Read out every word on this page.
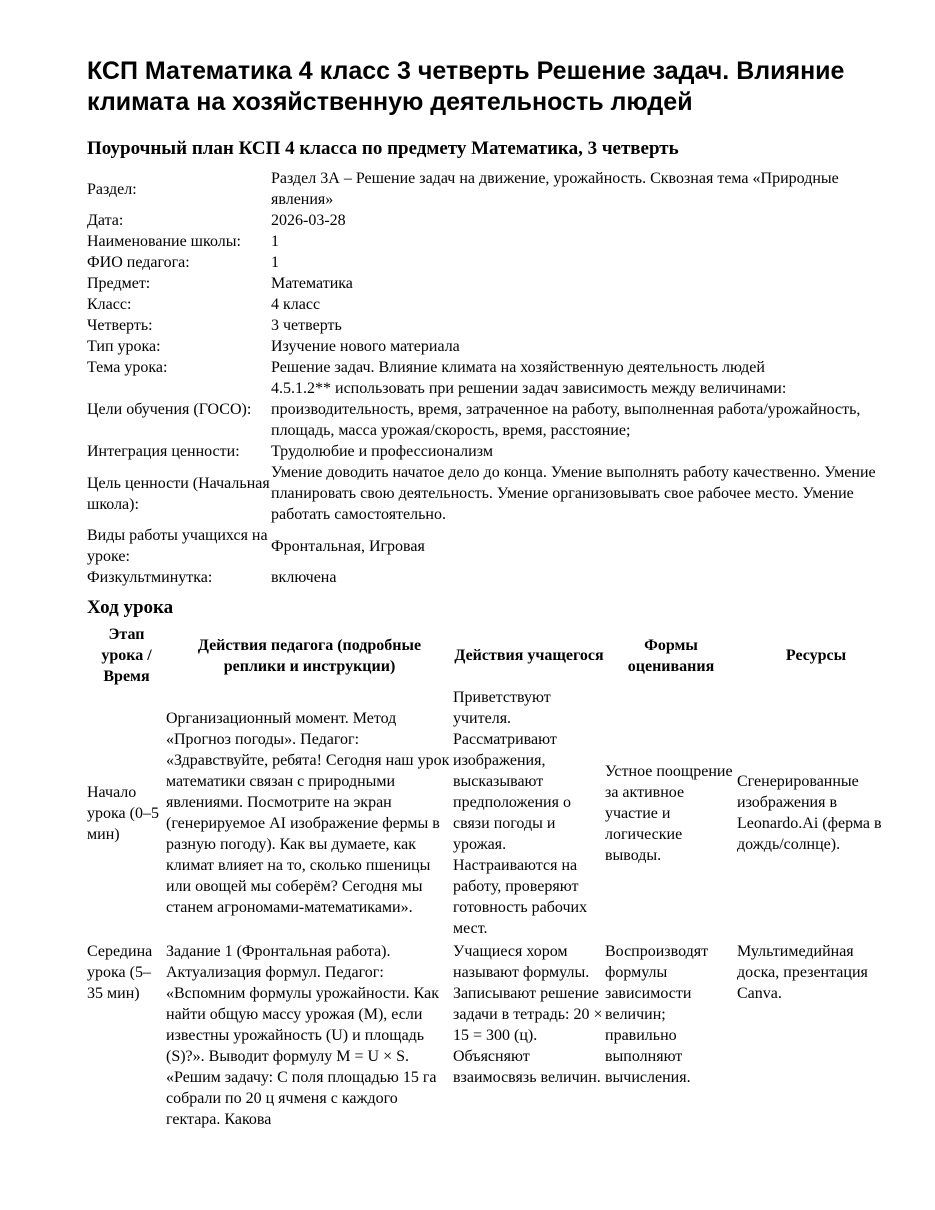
КСП Математика 4 класс 3 четверть Решение задач. Влияние климата на хозяйственную деятельность людей
Поурочный план КСП 4 класса по предмету Математика, 3 четверть
Раздел:	Раздел 3А – Решение задач на движение, урожайность. Сквозная тема «Природные явления»
Дата:	2026-03-28
Наименование школы:	1
ФИО педагога:	1
Предмет:	Математика
Класс:	4 класс
Четверть:	3 четверть
Тип урока:	Изучение нового материала
Тема урока:	Решение задач. Влияние климата на хозяйственную деятельность людей
Цели обучения (ГОСО):	4.5.1.2** использовать при решении задач зависимость между величинами: производительность, время, затраченное на работу, выполненная работа/урожайность, площадь, масса урожая/скорость, время, расстояние;
Интеграция ценности:	Трудолюбие и профессионализм
Цель ценности (Начальная школа):	Умение доводить начатое дело до конца. Умение выполнять работу качественно. Умение планировать свою деятельность. Умение организовывать свое рабочее место. Умение работать самостоятельно.
Виды работы учащихся на уроке:	Фронтальная, Игровая
Физкультминутка:	включена
Ход урока
Этап урока / Время	Действия педагога (подробные реплики и инструкции)	Действия учащегося	Формы оценивания	Ресурсы
Начало урока (0–5 мин)	Организационный момент. Метод «Прогноз погоды». Педагог: «Здравствуйте, ребята! Сегодня наш урок математики связан с природными явлениями. Посмотрите на экран (генерируемое AI изображение фермы в разную погоду). Как вы думаете, как климат влияет на то, сколько пшеницы или овощей мы соберём? Сегодня мы станем агрономами-математиками».	Приветствуют учителя. Рассматривают изображения, высказывают предположения о связи погоды и урожая. Настраиваются на работу, проверяют готовность рабочих мест.	Устное поощрение за активное участие и логические выводы.	Сгенерированные изображения в Leonardo.Ai (ферма в дождь/солнце).
Середина урока (5–35 мин)	Задание 1 (Фронтальная работа). Актуализация формул. Педагог: «Вспомним формулы урожайности. Как найти общую массу урожая (М), если известны урожайность (U) и площадь (S)?». Выводит формулу M = U × S. «Решим задачу: С поля площадью 15 га собрали по 20 ц ячменя с каждого гектара. Какова	Учащиеся хором называют формулы. Записывают решение задачи в тетрадь: 20 × 15 = 300 (ц). Объясняют взаимосвязь величин.	Воспроизводят формулы зависимости величин; правильно выполняют вычисления.	Мультимедийная доска, презентация Canva.
